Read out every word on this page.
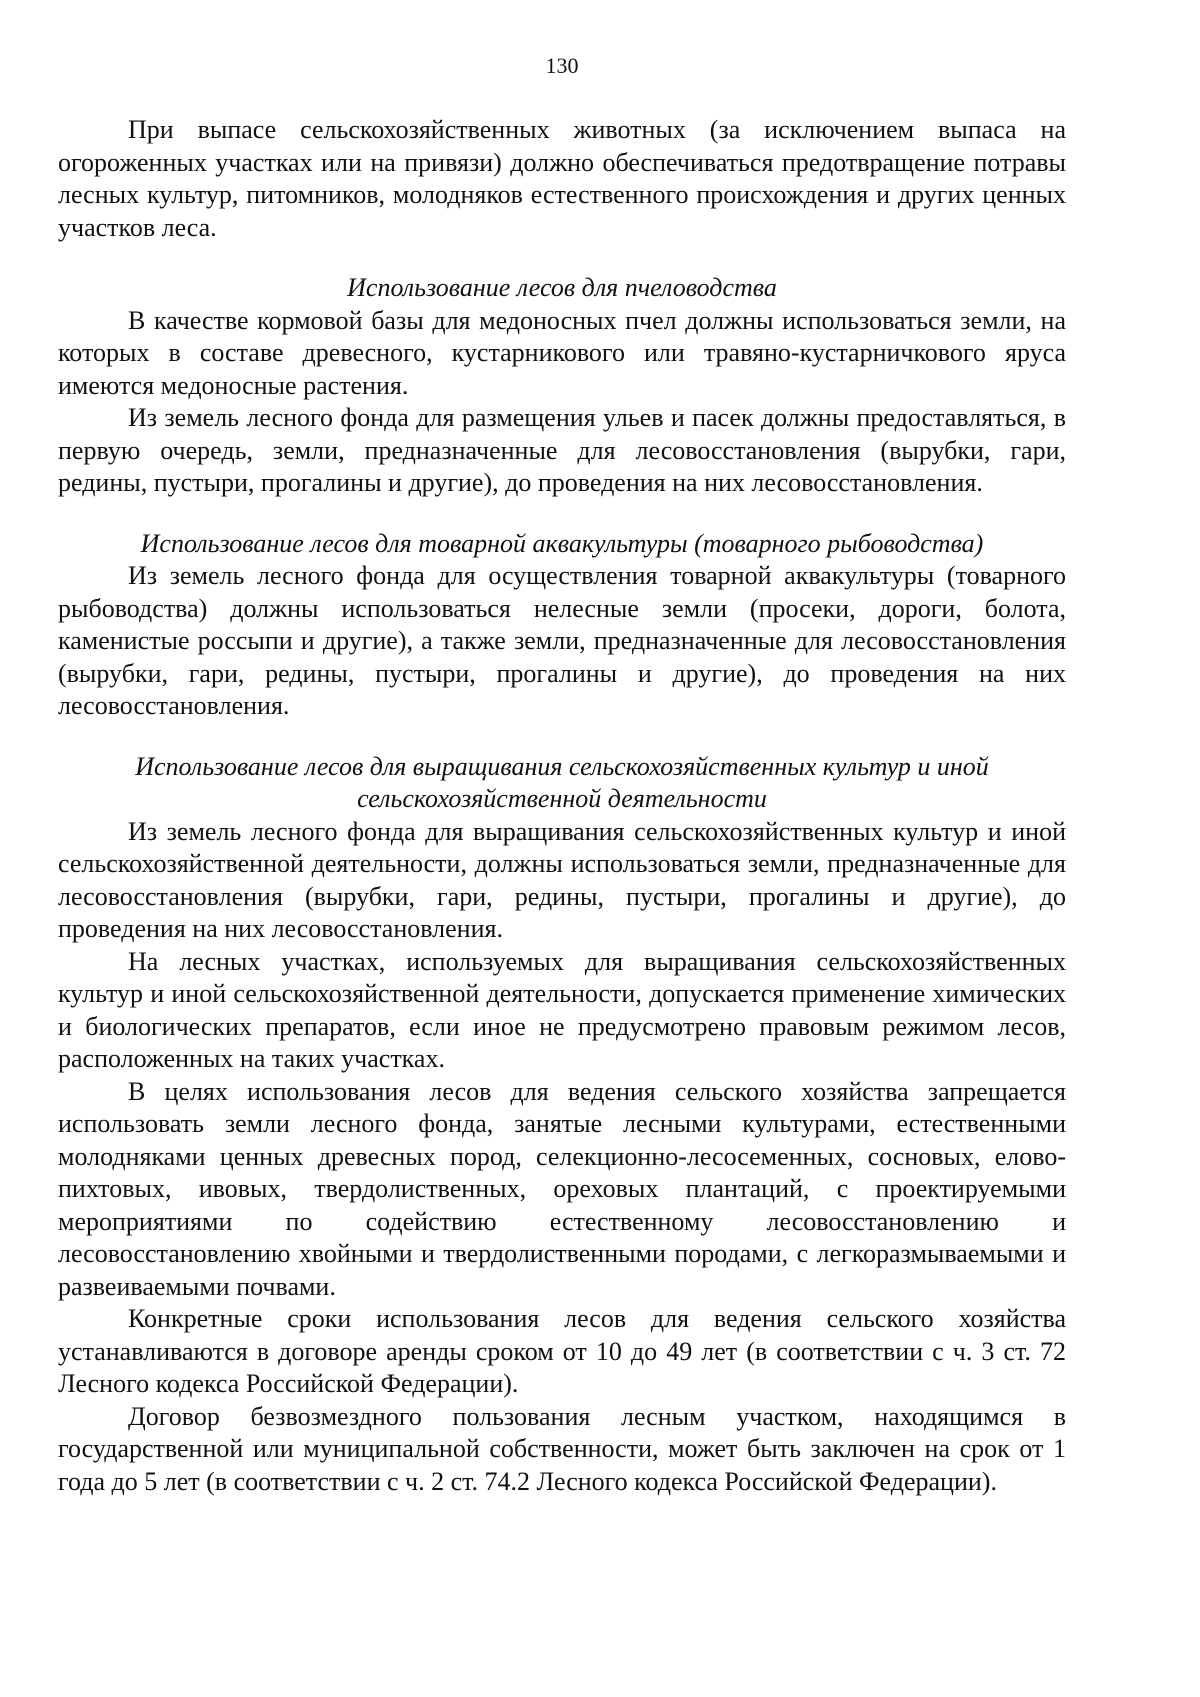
130

При выпасе сельскохозяйственных животных (за исключением выпаса на огороженных участках или на привязи) должно обеспечиваться предотвращение потравы лесных культур, питомников, молодняков естественного происхождения и других ценных участков леса.

Использование лесов для пчеловодства

В качестве кормовой базы для медоносных пчел должны использоваться земли, на которых в составе древесного, кустарникового или травяно-кустарничкового яруса имеются медоносные растения.

Из земель лесного фонда для размещения ульев и пасек должны предоставляться, в первую очередь, земли, предназначенные для лесовосстановления (вырубки, гари, редины, пустыри, прогалины и другие), до проведения на них лесовосстановления.

Использование лесов для товарной аквакультуры (товарного рыбоводства)

Из земель лесного фонда для осуществления товарной аквакультуры (товарного рыбоводства) должны использоваться нелесные земли (просеки, дороги, болота, каменистые россыпи и другие), а также земли, предназначенные для лесовосстановления (вырубки, гари, редины, пустыри, прогалины и другие), до проведения на них лесовосстановления.

Использование лесов для выращивания сельскохозяйственных культур и иной сельскохозяйственной деятельности

Из земель лесного фонда для выращивания сельскохозяйственных культур и иной сельскохозяйственной деятельности, должны использоваться земли, предназначенные для лесовосстановления (вырубки, гари, редины, пустыри, прогалины и другие), до проведения на них лесовосстановления.

На лесных участках, используемых для выращивания сельскохозяйственных культур и иной сельскохозяйственной деятельности, допускается применение химических и биологических препаратов, если иное не предусмотрено правовым режимом лесов, расположенных на таких участках.

В целях использования лесов для ведения сельского хозяйства запрещается использовать земли лесного фонда, занятые лесными культурами, естественными молодняками ценных древесных пород, селекционно-лесосеменных, сосновых, елово-пихтовых, ивовых, твердолиственных, ореховых плантаций, с проектируемыми мероприятиями по содействию естественному лесовосстановлению и лесовосстановлению хвойными и твердолиственными породами, с легкоразмываемыми и развеиваемыми почвами.

Конкретные сроки использования лесов для ведения сельского хозяйства устанавливаются в договоре аренды сроком от 10 до 49 лет (в соответствии с ч. 3 ст. 72 Лесного кодекса Российской Федерации).

Договор безвозмездного пользования лесным участком, находящимся в государственной или муниципальной собственности, может быть заключен на срок от 1 года до 5 лет (в соответствии с ч. 2 ст. 74.2 Лесного кодекса Российской Федерации).
